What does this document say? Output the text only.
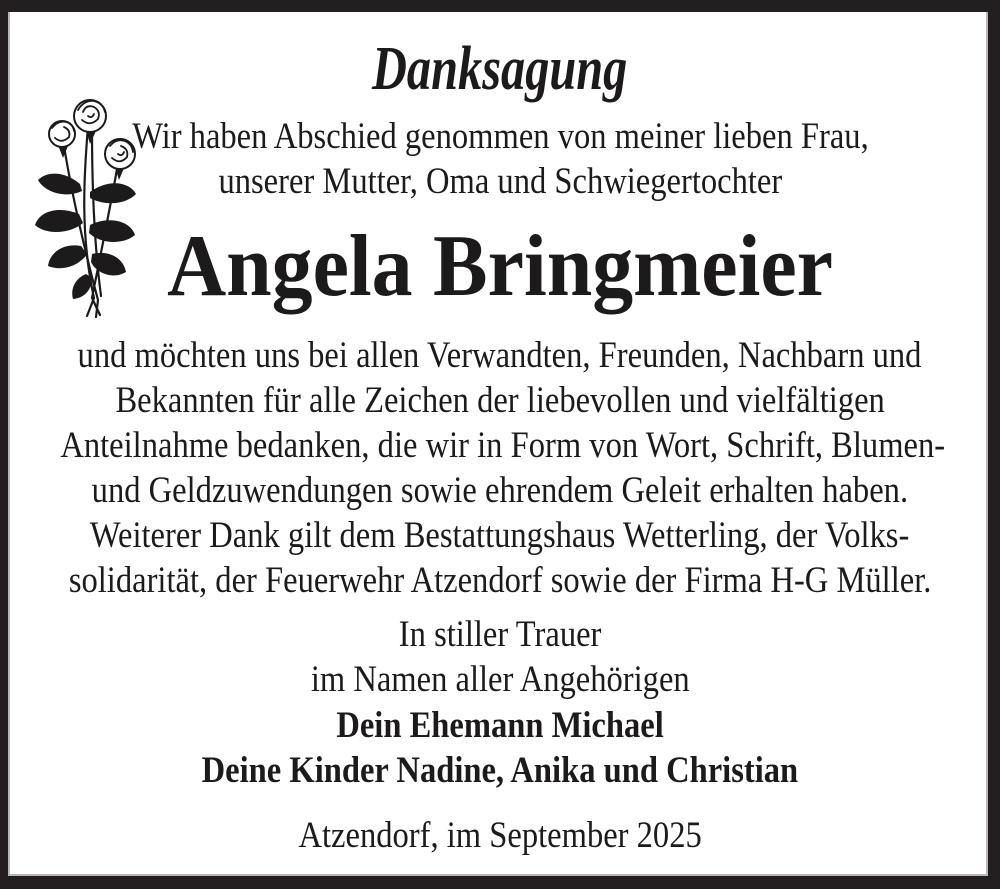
Danksagung
Wir haben Abschied genommen von meiner lieben Frau,
unserer Mutter, Oma und Schwiegertochter
Angela Bringmeier
und möchten uns bei allen Verwandten, Freunden, Nachbarn und
Bekannten für alle Zeichen der liebevollen und vielfältigen
Anteilnahme bedanken, die wir in Form von Wort, Schrift, Blumen-
und Geldzuwendungen sowie ehrendem Geleit erhalten haben.
Weiterer Dank gilt dem Bestattungshaus Wetterling, der Volks-
solidarität, der Feuerwehr Atzendorf sowie der Firma H-G Müller.
In stiller Trauer
im Namen aller Angehörigen
Dein Ehemann Michael
Deine Kinder Nadine, Anika und Christian
Atzendorf, im September 2025
